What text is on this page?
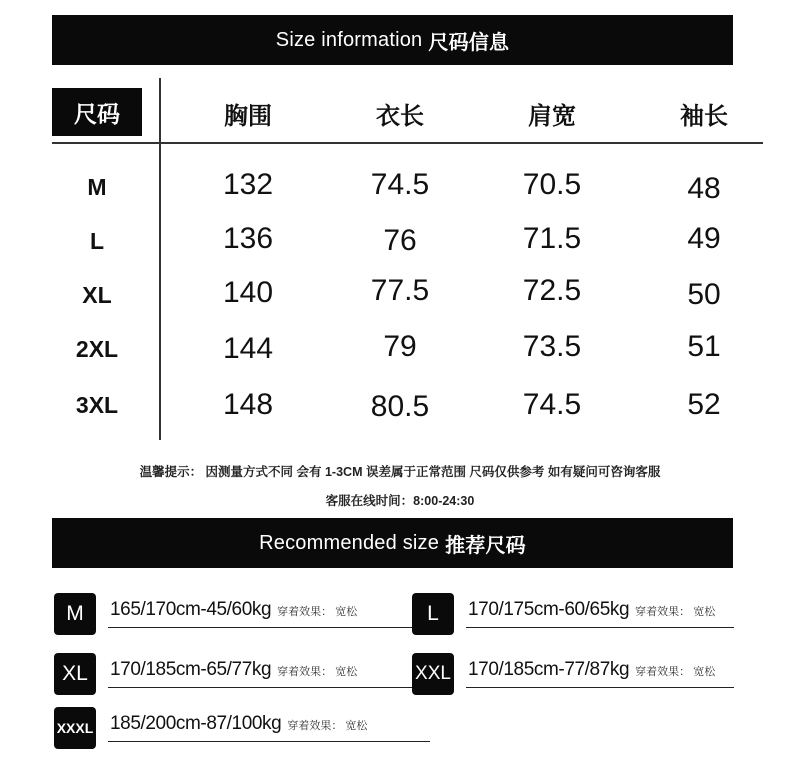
Size information 尺码信息
尺码	胸围	衣长	肩宽	袖长
M	132	74.5	70.5	48
L	136	76	71.5	49
XL	140	77.5	72.5	50
2XL	144	79	73.5	51
3XL	148	80.5	74.5	52
温馨提示： 因测量方式不同 会有 1-3CM 误差属于正常范围 尺码仅供参考 如有疑问可咨询客服
客服在线时间：8:00-24:30
Recommended size 推荐尺码
M	165/170cm-45/60kg 穿着效果： 宽松	L	170/175cm-60/65kg 穿着效果： 宽松
XL	170/185cm-65/77kg 穿着效果： 宽松	XXL 170/185cm-77/87kg 穿着效果： 宽松
XXXL 185/200cm-87/100kg 穿着效果： 宽松
